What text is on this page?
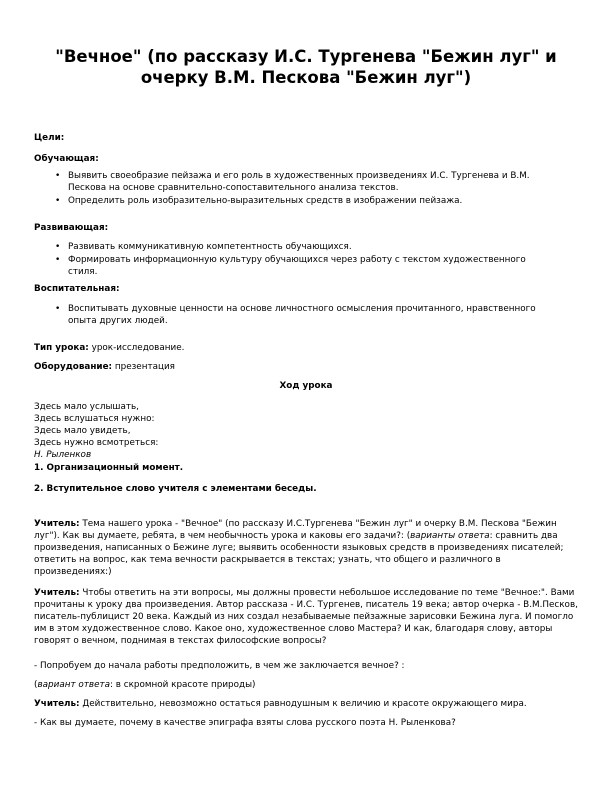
"Вечное" (по рассказу И.С. Тургенева "Бежин луг" и очерку В.М. Пескова "Бежин луг")
Цели:
Обучающая:
• Выявить своеобразие пейзажа и его роль в художественных произведениях И.С. Тургенева и В.М. Пескова на основе сравнительно-сопоставительного анализа текстов.
• Определить роль изобразительно-выразительных средств в изображении пейзажа.
Развивающая:
• Развивать коммуникативную компетентность обучающихся.
• Формировать информационную культуру обучающихся через работу с текстом художественного стиля.
Воспитательная:
• Воспитывать духовные ценности на основе личностного осмысления прочитанного, нравственного опыта других людей.
Тип урока: урок-исследование.
Оборудование: презентация
Ход урока
Здесь мало услышать,
Здесь вслушаться нужно:
Здесь мало увидеть,
Здесь нужно всмотреться:
Н. Рыленков
1. Организационный момент.
2. Вступительное слово учителя с элементами беседы.
Учитель: Тема нашего урока - "Вечное" (по рассказу И.С.Тургенева "Бежин луг" и очерку В.М. Пескова "Бежин луг"). Как вы думаете, ребята, в чем необычность урока и каковы его задачи?: (варианты ответа: сравнить два произведения, написанных о Бежине луге; выявить особенности языковых средств в произведениях писателей; ответить на вопрос, как тема вечности раскрывается в текстах; узнать, что общего и различного в произведениях:)
Учитель: Чтобы ответить на эти вопросы, мы должны провести небольшое исследование по теме "Вечное:". Вами прочитаны к уроку два произведения. Автор рассказа - И.С. Тургенев, писатель 19 века; автор очерка - В.М.Песков, писатель-публицист 20 века. Каждый из них создал незабываемые пейзажные зарисовки Бежина луга. И помогло им в этом художественное слово. Какое оно, художественное слово Мастера? И как, благодаря слову, авторы говорят о вечном, поднимая в текстах философские вопросы?
- Попробуем до начала работы предположить, в чем же заключается вечное? :
(вариант ответа: в скромной красоте природы)
Учитель: Действительно, невозможно остаться равнодушным к величию и красоте окружающего мира.
- Как вы думаете, почему в качестве эпиграфа взяты слова русского поэта Н. Рыленкова?
